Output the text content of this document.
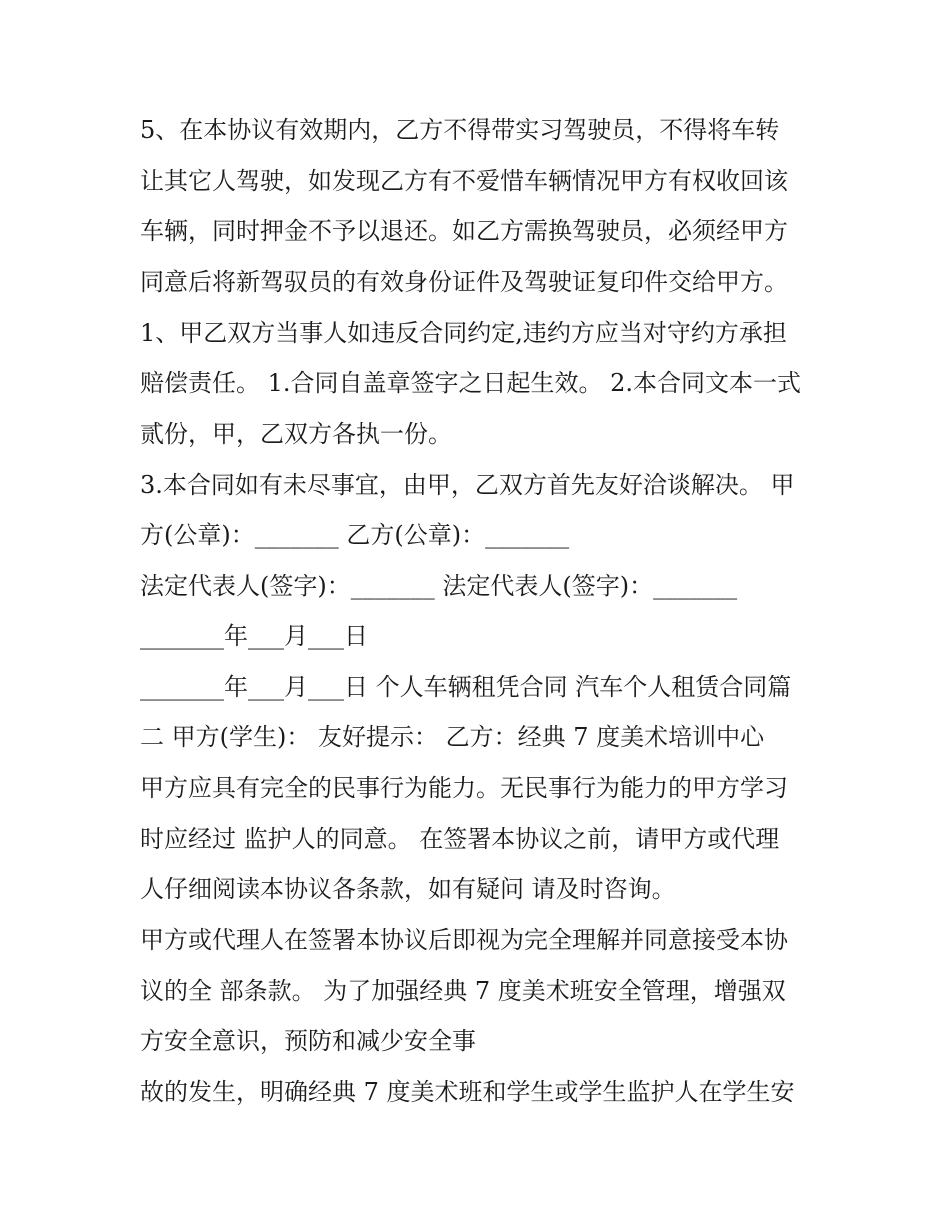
5、在本协议有效期内，乙方不得带实习驾驶员，不得将车转
让其它人驾驶，如发现乙方有不爱惜车辆情况甲方有权收回该
车辆，同时押金不予以退还。如乙方需换驾驶员，必须经甲方
同意后将新驾驭员的有效身份证件及驾驶证复印件交给甲方。
1、甲乙双方当事人如违反合同约定,违约方应当对守约方承担
赔偿责任。 1.合同自盖章签字之日起生效。 2.本合同文本一式
贰份，甲，乙双方各执一份。
3.本合同如有未尽事宜，由甲，乙双方首先友好洽谈解决。 甲
方(公章)：_______ 乙方(公章)：_______
法定代表人(签字)：_______ 法定代表人(签字)：_______
_______年___月___日
_______年___月___日 个人车辆租凭合同 汽车个人租赁合同篇
二 甲方(学生)： 友好提示： 乙方：经典 7 度美术培训中心
甲方应具有完全的民事行为能力。无民事行为能力的甲方学习
时应经过 监护人的同意。 在签署本协议之前，请甲方或代理
人仔细阅读本协议各条款，如有疑问 请及时咨询。
甲方或代理人在签署本协议后即视为完全理解并同意接受本协
议的全 部条款。 为了加强经典 7 度美术班安全管理，增强双
方安全意识，预防和减少安全事
故的发生，明确经典 7 度美术班和学生或学生监护人在学生安
